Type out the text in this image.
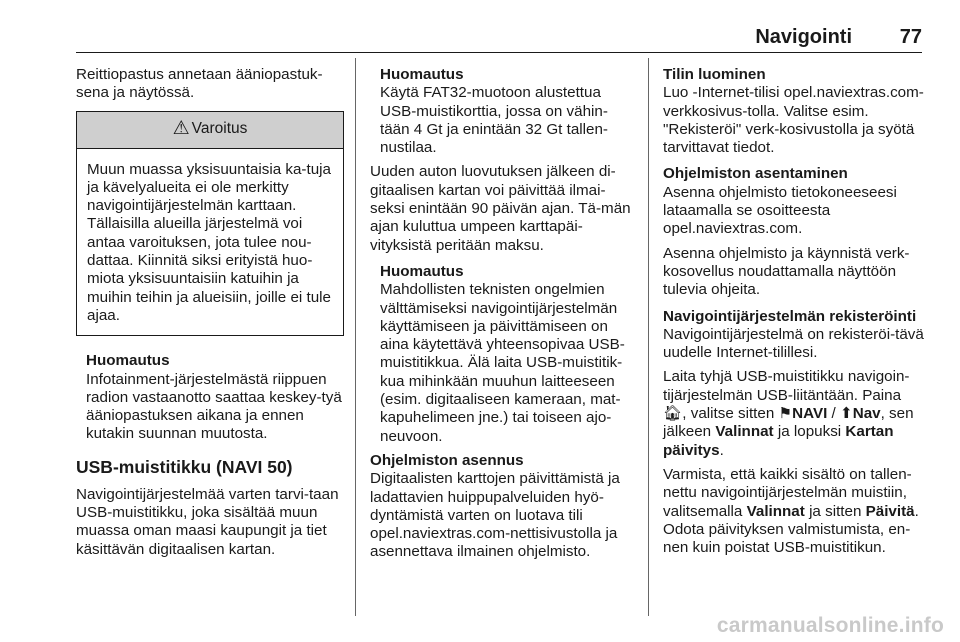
Navigointi 77

Reittiopastus annetaan ääniopastuk-sena ja näytössä.

⚠ Varoitus
Muun muassa yksisuuntaisia ka-tuja ja kävelyalueita ei ole merkitty navigointijärjestelmän karttaan. Tällaisilla alueilla järjestelmä voi antaa varoituksen, jota tulee nou-dattaa. Kiinnitä siksi erityistä huo-miota yksisuuntaisiin katuihin ja muihin teihin ja alueisiin, joille ei tule ajaa.
Huomautus
Infotainment-järjestelmästä riippuen radion vastaanotto saattaa keskey-tyä ääniopastuksen aikana ja ennen kutakin suunnan muutosta.
USB-muistitikku (NAVI 50)

Navigointijärjestelmää varten tarvi-taan USB-muistitikku, joka sisältää muun muassa oman maasi kaupungit ja tiet käsittävän digitaalisen kartan.

Huomautus
Käytä FAT32-muotoon alustettua USB-muistikorttia, jossa on vähin-tään 4 Gt ja enintään 32 Gt tallen-nustilaa.

Uuden auton luovutuksen jälkeen di-gitaalisen kartan voi päivittää ilmai-seksi enintään 90 päivän ajan. Tä-män ajan kuluttua umpeen karttapäi-vityksistä peritään maksu.

Huomautus
Mahdollisten teknisten ongelmien välttämiseksi navigointijärjestelmän käyttämiseen ja päivittämiseen on aina käytettävä yhteensopivaa USB-muistitikkua. Älä laita USB-muistitik-kua mihinkään muuhun laitteeseen (esim. digitaaliseen kameraan, mat-kapuhelimeen jne.) tai toiseen ajo-neuvoon.

Ohjelmiston asennus

Digitaalisten karttojen päivittämistä ja ladattavien huippupalveluiden hyö-dyntämistä varten on luotava tili opel.naviextras.com-nettisivustolla ja asennettava ilmainen ohjelmisto.

Tilin luominen

Luo -Internet-tilisi opel.naviextras.com-verkkosivus-tolla. Valitse esim. "Rekisteröi" verk-kosivustolla ja syötä tarvittavat tiedot.

Ohjelmiston asentaminen

Asenna ohjelmisto tietokoneeseesi lataamalla se osoitteesta opel.naviextras.com.

Asenna ohjelmisto ja käynnistä verk-kosovellus noudattamalla näyttöön tulevia ohjeita.

Navigointijärjestelmän rekisteröinti

Navigointijärjestelmä on rekisteröi-tävä uudelle Internet-tilillesi.

Laita tyhjä USB-muistitikku navigoin-tijärjestelmän USB-liitäntään. Paina 🏠︎, valitse sitten ⚑NAVI / ⬆Nav, sen jälkeen Valinnat ja lopuksi Kartan päivitys.

Varmista, että kaikki sisältö on tallen-nettu navigointijärjestelmän muistiin, valitsemalla Valinnat ja sitten Päivitä. Odota päivityksen valmistumista, en-nen kuin poistat USB-muistitikun.

carmanualsonline.info
